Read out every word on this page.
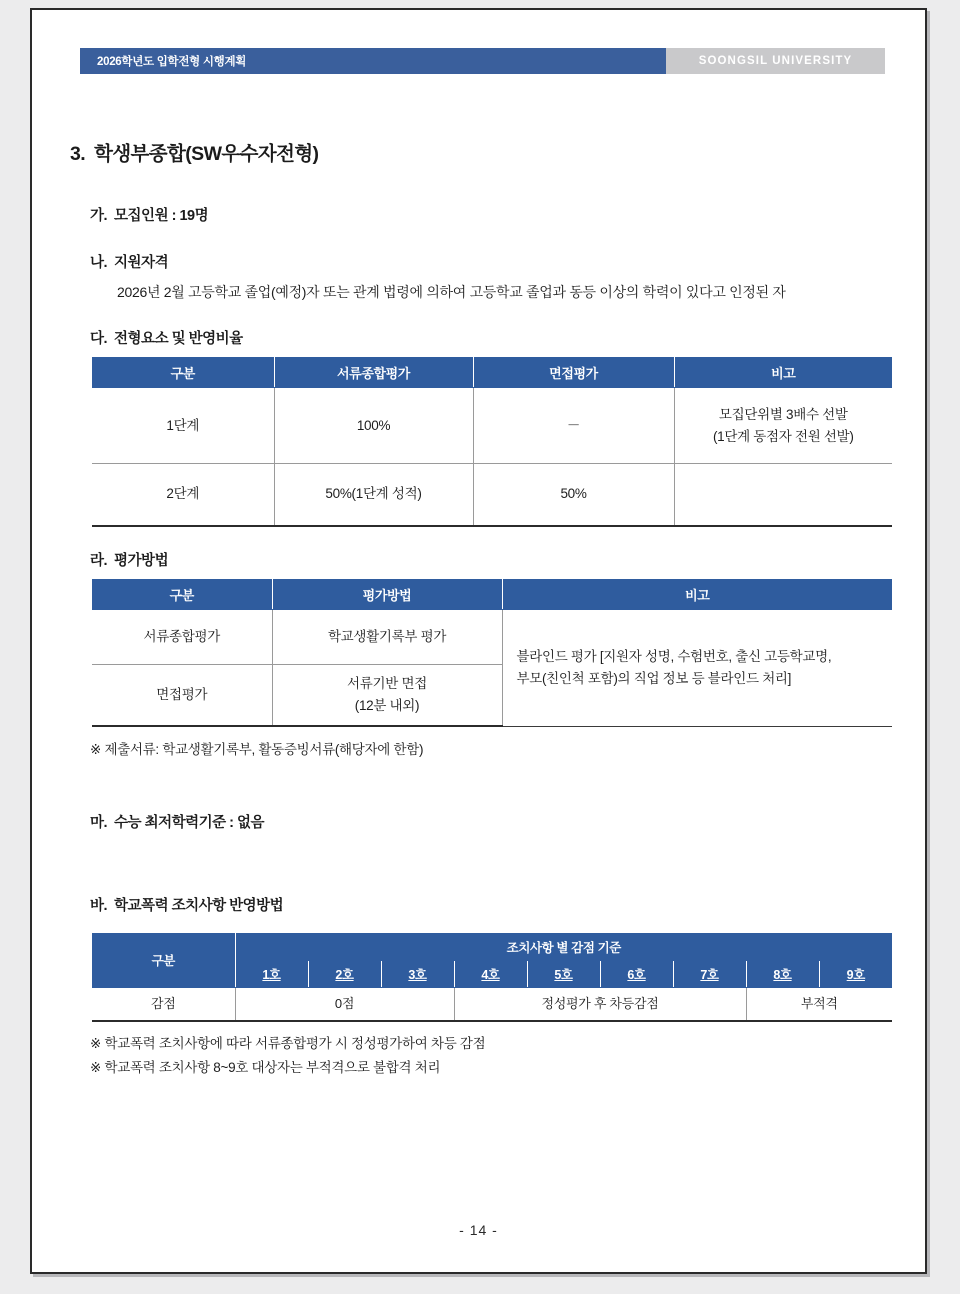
2026학년도 입학전형 시행계획	SOONGSIL UNIVERSITY
3. 학생부종합(SW우수자전형)
가. 모집인원 : 19명
나. 지원자격
2026년 2월 고등학교 졸업(예정)자 또는 관계 법령에 의하여 고등학교 졸업과 동등 이상의 학력이 있다고 인정된 자
다. 전형요소 및 반영비율
구분	서류종합평가	면접평가	비고
1단계	100%	－	모집단위별 3배수 선발
(1단계 동점자 전원 선발)

2단계	50%(1단계 성적)	50%	
라. 평가방법
구분	평가방법	비고
서류종합평가	학교생활기록부 평가	블라인드 평가 [지원자 성명, 수험번호, 출신 고등학교명,
부모(친인척 포함)의 직업 정보 등 블라인드 처리]

면접평가	서류기반 면접
(12분 내외)	
※ 제출서류: 학교생활기록부, 활동증빙서류(해당자에 한함)
마. 수능 최저학력기준 : 없음
바. 학교폭력 조치사항 반영방법
구분	조치사항 별 감점 기준								
	1호	2호	3호	4호	5호	6호	7호	8호	9호
감점	0점			정성평가 후 차등감점				부적격	
※ 학교폭력 조치사항에 따라 서류종합평가 시 정성평가하여 차등 감점
※ 학교폭력 조치사항 8~9호 대상자는 부적격으로 불합격 처리
- 14 -
